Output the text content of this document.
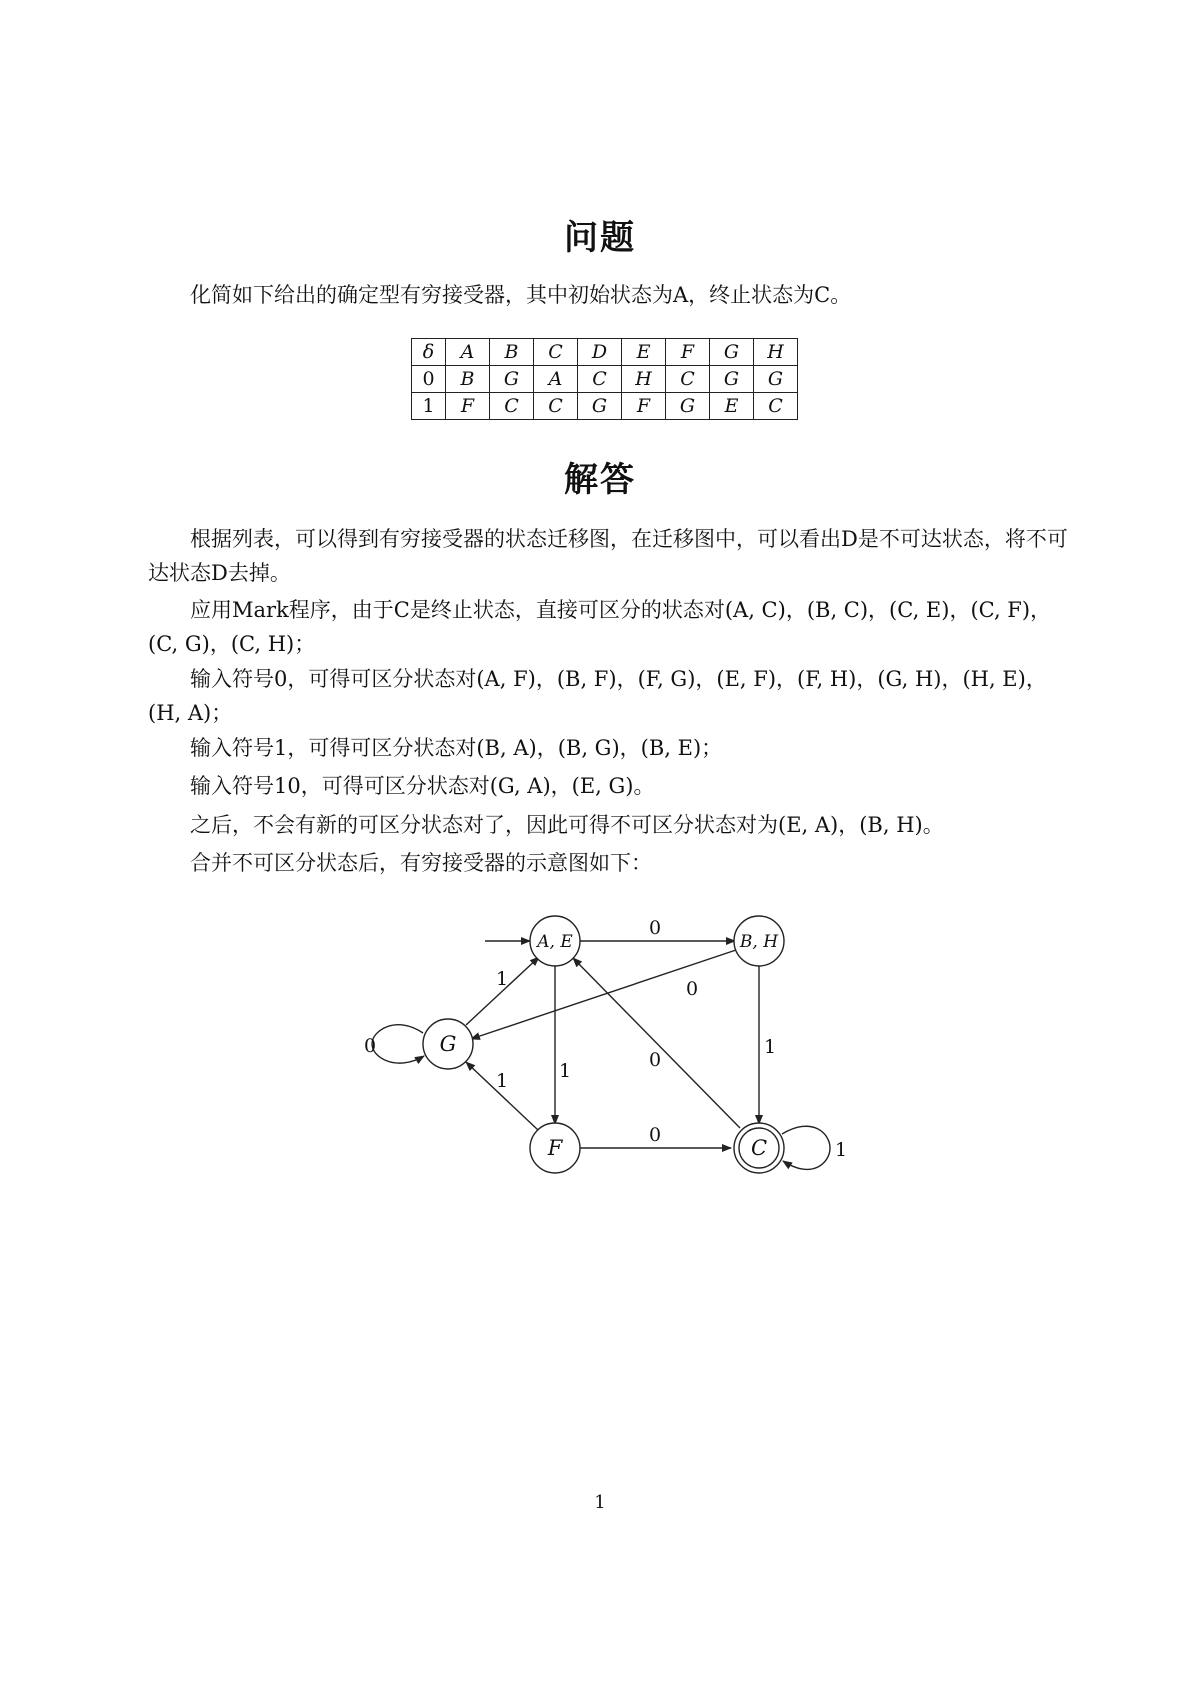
问题

化简如下给出的确定型有穷接受器，其中初始状态为A，终止状态为C。

δ	A	B	C	D	E	F	G	H
0	B	G	A	C	H	C	G	G
1	F	C	C	G	F	G	E	C
解答

根据列表，可以得到有穷接受器的状态迁移图，在迁移图中，可以看出D是不可达状态，将不可达状态D去掉。

应用Mark程序，由于C是终止状态，直接可区分的状态对(A, C)，(B, C)，(C, E)，(C, F)，(C, G)，(C, H)；

输入符号0，可得可区分状态对(A, F)，(B, F)，(F, G)，(E, F)，(F, H)，(G, H)，(H, E)，(H, A)；

输入符号1，可得可区分状态对(B, A)，(B, G)，(B, E)；

输入符号10，可得可区分状态对(G, A)，(E, G)。

之后，不会有新的可区分状态对了，因此可得不可区分状态对为(E, A)，(B, H)。

合并不可区分状态后，有穷接受器的示意图如下：

A, E	B, H
G
F	C
0
0
1
0
1
1
1
0
0
1
1
